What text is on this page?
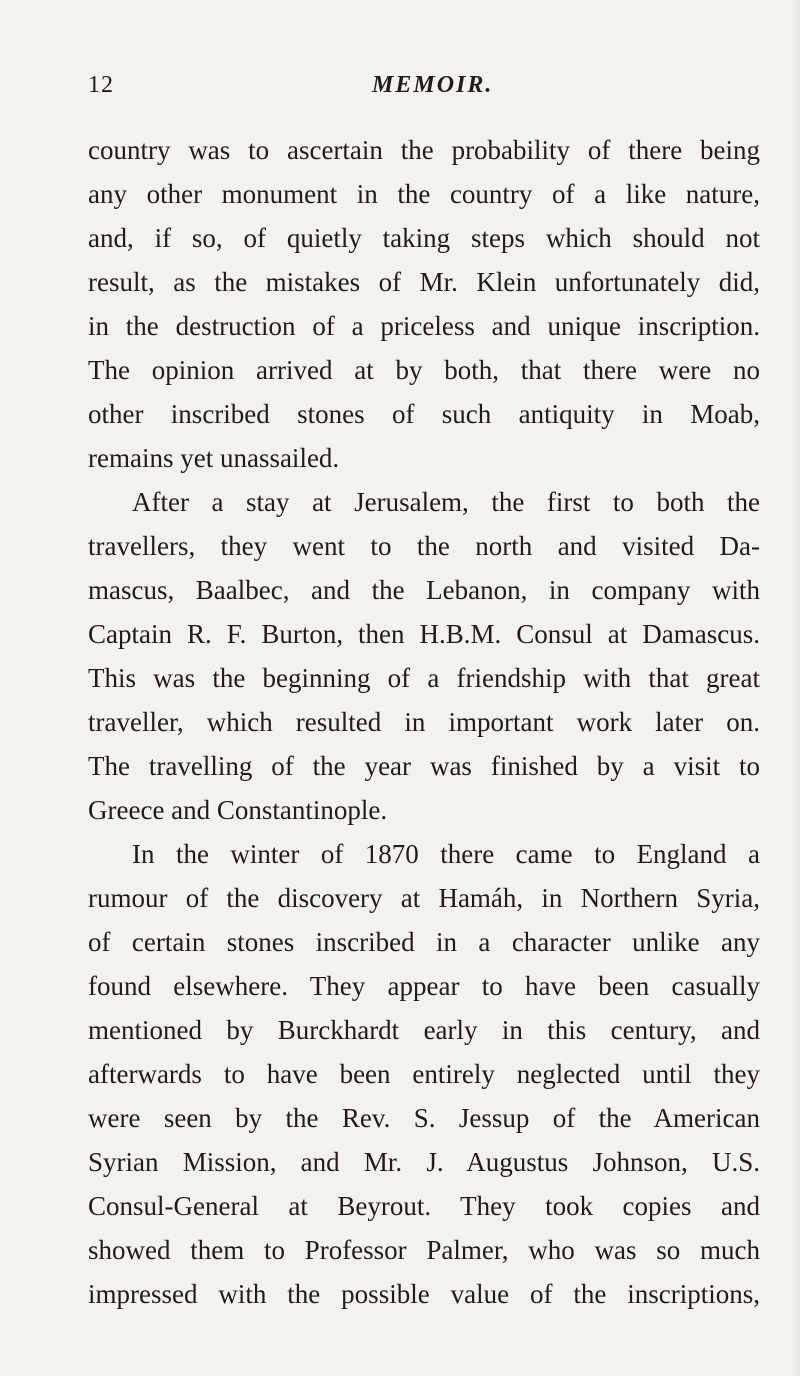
12	MEMOIR.
country was to ascertain the probability of there being
any other monument in the country of a like nature,
and, if so, of quietly taking steps which should not
result, as the mistakes of Mr. Klein unfortunately did,
in the destruction of a priceless and unique inscription.
The opinion arrived at by both, that there were no
other inscribed stones of such antiquity in Moab,
remains yet unassailed.
After a stay at Jerusalem, the first to both the
travellers, they went to the north and visited Da-
mascus, Baalbec, and the Lebanon, in company with
Captain R. F. Burton, then H.B.M. Consul at Damascus.
This was the beginning of a friendship with that great
traveller, which resulted in important work later on.
The travelling of the year was finished by a visit to
Greece and Constantinople.
In the winter of 1870 there came to England a
rumour of the discovery at Hamáh, in Northern Syria,
of certain stones inscribed in a character unlike any
found elsewhere. They appear to have been casually
mentioned by Burckhardt early in this century, and
afterwards to have been entirely neglected until they
were seen by the Rev. S. Jessup of the American
Syrian Mission, and Mr. J. Augustus Johnson, U.S.
Consul-General at Beyrout. They took copies and
showed them to Professor Palmer, who was so much
impressed with the possible value of the inscriptions,
